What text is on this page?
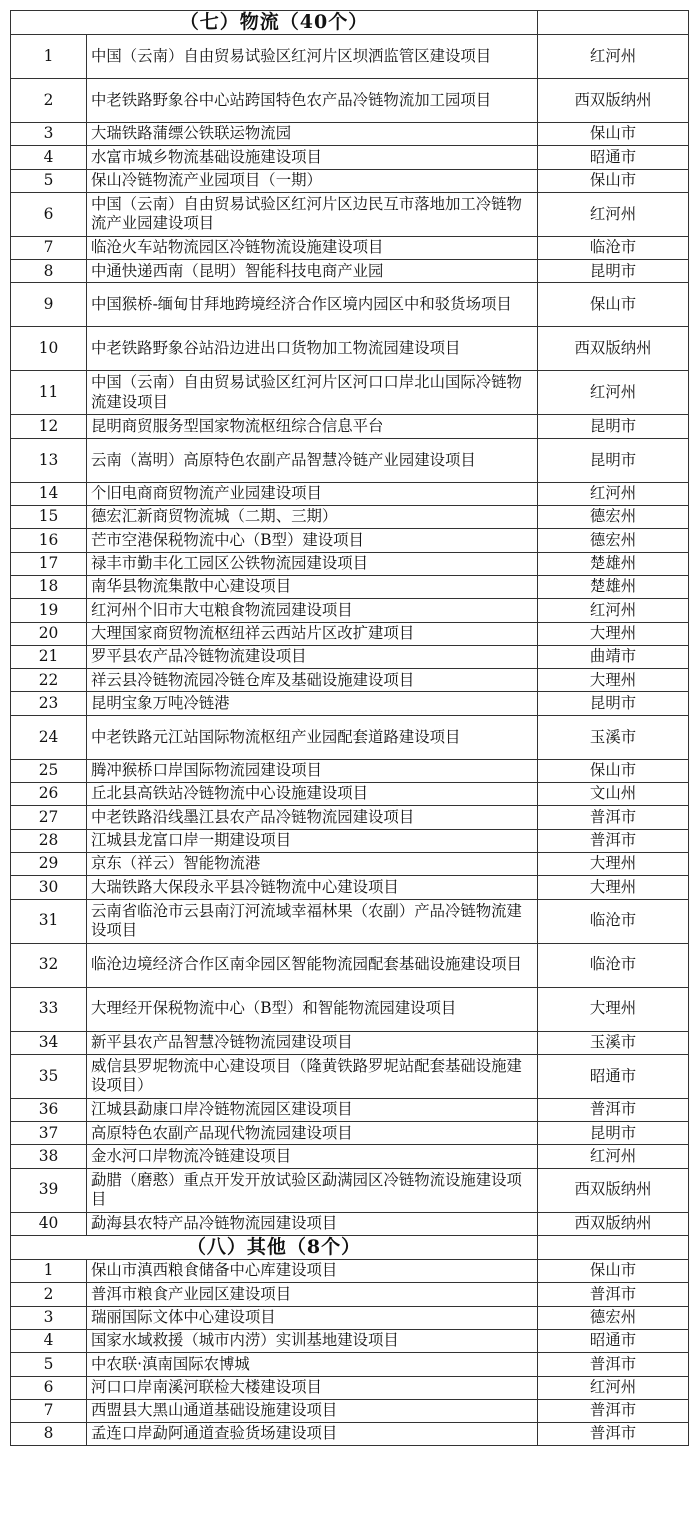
（七）物流（40个）		
1	中国（云南）自由贸易试验区红河片区坝洒监管区建设项目	红河州
2	中老铁路野象谷中心站跨国特色农产品冷链物流加工园项目	西双版纳州
3	大瑞铁路蒲缥公铁联运物流园	保山市
4	水富市城乡物流基础设施建设项目	昭通市
5	保山冷链物流产业园项目（一期）	保山市
6	中国（云南）自由贸易试验区红河片区边民互市落地加工冷链物流产业园建设项目	红河州
7	临沧火车站物流园区冷链物流设施建设项目	临沧市
8	中通快递西南（昆明）智能科技电商产业园	昆明市
9	中国猴桥-缅甸甘拜地跨境经济合作区境内园区中和驳货场项目	保山市
10	中老铁路野象谷站沿边进出口货物加工物流园建设项目	西双版纳州
11	中国（云南）自由贸易试验区红河片区河口口岸北山国际冷链物流建设项目	红河州
12	昆明商贸服务型国家物流枢纽综合信息平台	昆明市
13	云南（嵩明）高原特色农副产品智慧冷链产业园建设项目	昆明市
14	个旧电商商贸物流产业园建设项目	红河州
15	德宏汇新商贸物流城（二期、三期）	德宏州
16	芒市空港保税物流中心（B型）建设项目	德宏州
17	禄丰市勤丰化工园区公铁物流园建设项目	楚雄州
18	南华县物流集散中心建设项目	楚雄州
19	红河州个旧市大屯粮食物流园建设项目	红河州
20	大理国家商贸物流枢纽祥云西站片区改扩建项目	大理州
21	罗平县农产品冷链物流建设项目	曲靖市
22	祥云县冷链物流园冷链仓库及基础设施建设项目	大理州
23	昆明宝象万吨冷链港	昆明市
24	中老铁路元江站国际物流枢纽产业园配套道路建设项目	玉溪市
25	腾冲猴桥口岸国际物流园建设项目	保山市
26	丘北县高铁站冷链物流中心设施建设项目	文山州
27	中老铁路沿线墨江县农产品冷链物流园建设项目	普洱市
28	江城县龙富口岸一期建设项目	普洱市
29	京东（祥云）智能物流港	大理州
30	大瑞铁路大保段永平县冷链物流中心建设项目	大理州
31	云南省临沧市云县南汀河流域幸福林果（农副）产品冷链物流建设项目	临沧市
32	临沧边境经济合作区南伞园区智能物流园配套基础设施建设项目	临沧市
33	大理经开保税物流中心（B型）和智能物流园建设项目	大理州
34	新平县农产品智慧冷链物流园建设项目	玉溪市
35	威信县罗坭物流中心建设项目（隆黄铁路罗坭站配套基础设施建设项目）	昭通市
36	江城县勐康口岸冷链物流园区建设项目	普洱市
37	高原特色农副产品现代物流园建设项目	昆明市
38	金水河口岸物流冷链建设项目	红河州
39	勐腊（磨憨）重点开发开放试验区勐满园区冷链物流设施建设项目	西双版纳州
40	勐海县农特产品冷链物流园建设项目	西双版纳州
（八）其他（8个）		
1	保山市滇西粮食储备中心库建设项目	保山市
2	普洱市粮食产业园区建设项目	普洱市
3	瑞丽国际文体中心建设项目	德宏州
4	国家水域救援（城市内涝）实训基地建设项目	昭通市
5	中农联·滇南国际农博城	普洱市
6	河口口岸南溪河联检大楼建设项目	红河州
7	西盟县大黑山通道基础设施建设项目	普洱市
8	孟连口岸勐阿通道查验货场建设项目	普洱市
